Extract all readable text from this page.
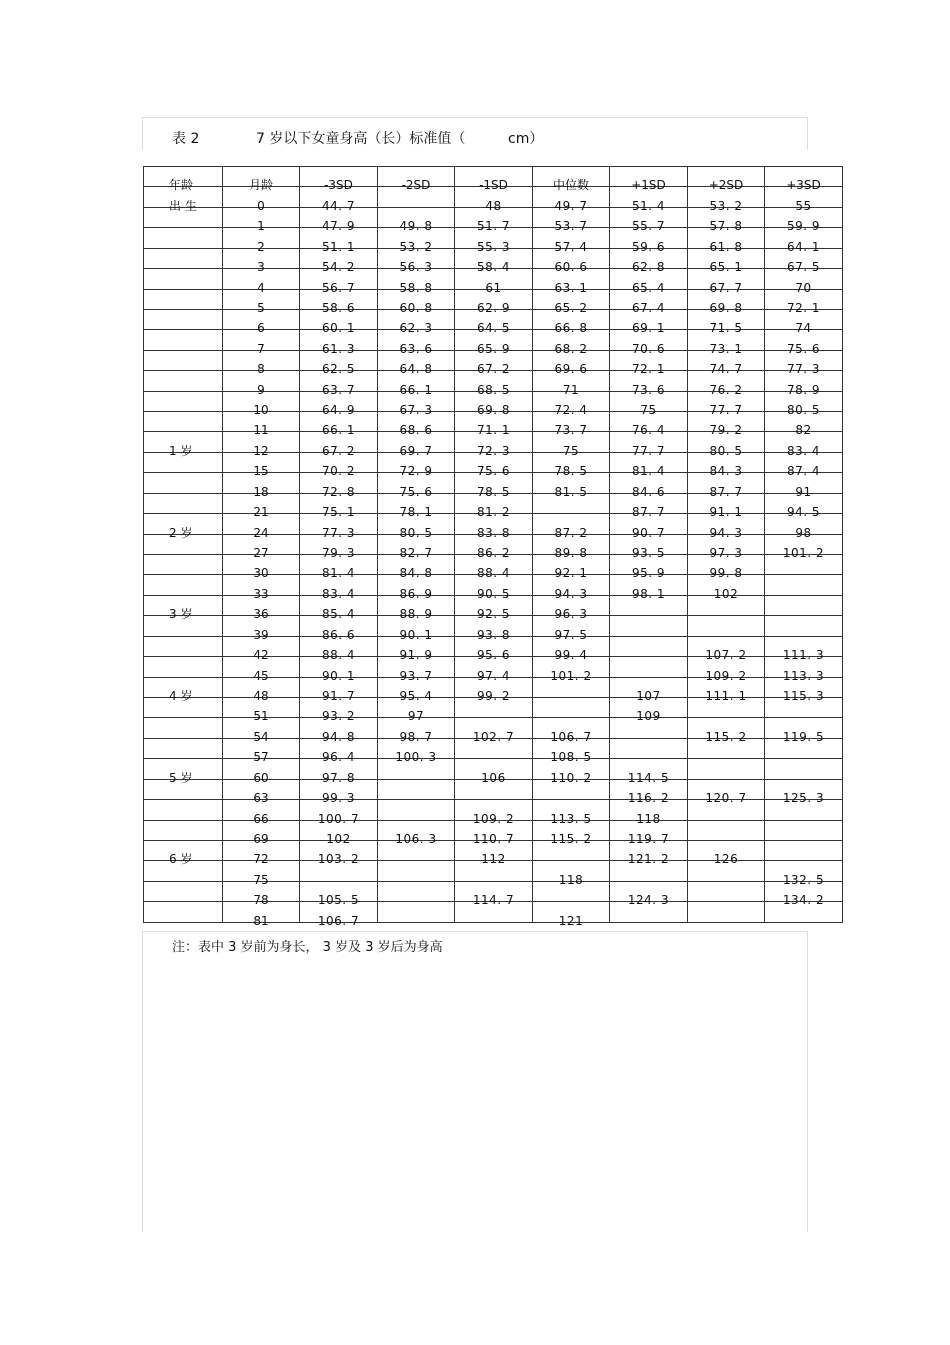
表 2	7 岁以下女童身高（长）标准值（	cm）
年龄	月龄	-3SD	-2SD	-1SD	中位数	+1SD	+2SD	+3SD
出 生	0	44. 7		48	49. 7	51. 4	53. 2	55
	1	47. 9	49. 8	51. 7	53. 7	55. 7	57. 8	59. 9
	2	51. 1	53. 2	55. 3	57. 4	59. 6	61. 8	64. 1
	3	54. 2	56. 3	58. 4	60. 6	62. 8	65. 1	67. 5
	4	56. 7	58. 8	61	63. 1	65. 4	67. 7	70
	5	58. 6	60. 8	62. 9	65. 2	67. 4	69. 8	72. 1
	6	60. 1	62. 3	64. 5	66. 8	69. 1	71. 5	74
	7	61. 3	63. 6	65. 9	68. 2	70. 6	73. 1	75. 6
	8	62. 5	64. 8	67. 2	69. 6	72. 1	74. 7	77. 3
	9	63. 7	66. 1	68. 5	71	73. 6	76. 2	78. 9
	10	64. 9	67. 3	69. 8	72. 4	75	77. 7	80. 5
	11	66. 1	68. 6	71. 1	73. 7	76. 4	79. 2	82
1 岁	12	67. 2	69. 7	72. 3	75	77. 7	80. 5	83. 4
	15	70. 2	72. 9	75. 6	78. 5	81. 4	84. 3	87. 4
	18	72. 8	75. 6	78. 5	81. 5	84. 6	87. 7	91
	21	75. 1	78. 1	81. 2		87. 7	91. 1	94. 5
2 岁	24	77. 3	80. 5	83. 8	87. 2	90. 7	94. 3	98
	27	79. 3	82. 7	86. 2	89. 8	93. 5	97. 3	101. 2
	30	81. 4	84. 8	88. 4	92. 1	95. 9	99. 8	
	33	83. 4	86. 9	90. 5	94. 3	98. 1	102	
3 岁	36	85. 4	88. 9	92. 5	96. 3			
	39	86. 6	90. 1	93. 8	97. 5			
	42	88. 4	91. 9	95. 6	99. 4		107. 2	111. 3
	45	90. 1	93. 7	97. 4	101. 2		109. 2	113. 3
4 岁	48	91. 7	95. 4	99. 2		107	111. 1	115. 3
	51	93. 2	97			109		
	54	94. 8	98. 7	102. 7	106. 7		115. 2	119. 5
	57	96. 4	100. 3		108. 5			
5 岁	60	97. 8		106	110. 2	114. 5		
	63	99. 3				116. 2	120. 7	125. 3
	66	100. 7		109. 2	113. 5	118		
	69	102	106. 3	110. 7	115. 2	119. 7		
6 岁	72	103. 2		112		121. 2	126	
	75				118			132. 5
	78	105. 5		114. 7		124. 3		134. 2
	81	106. 7			121			
注：表中 3 岁前为身长， 3 岁及 3 岁后为身高
